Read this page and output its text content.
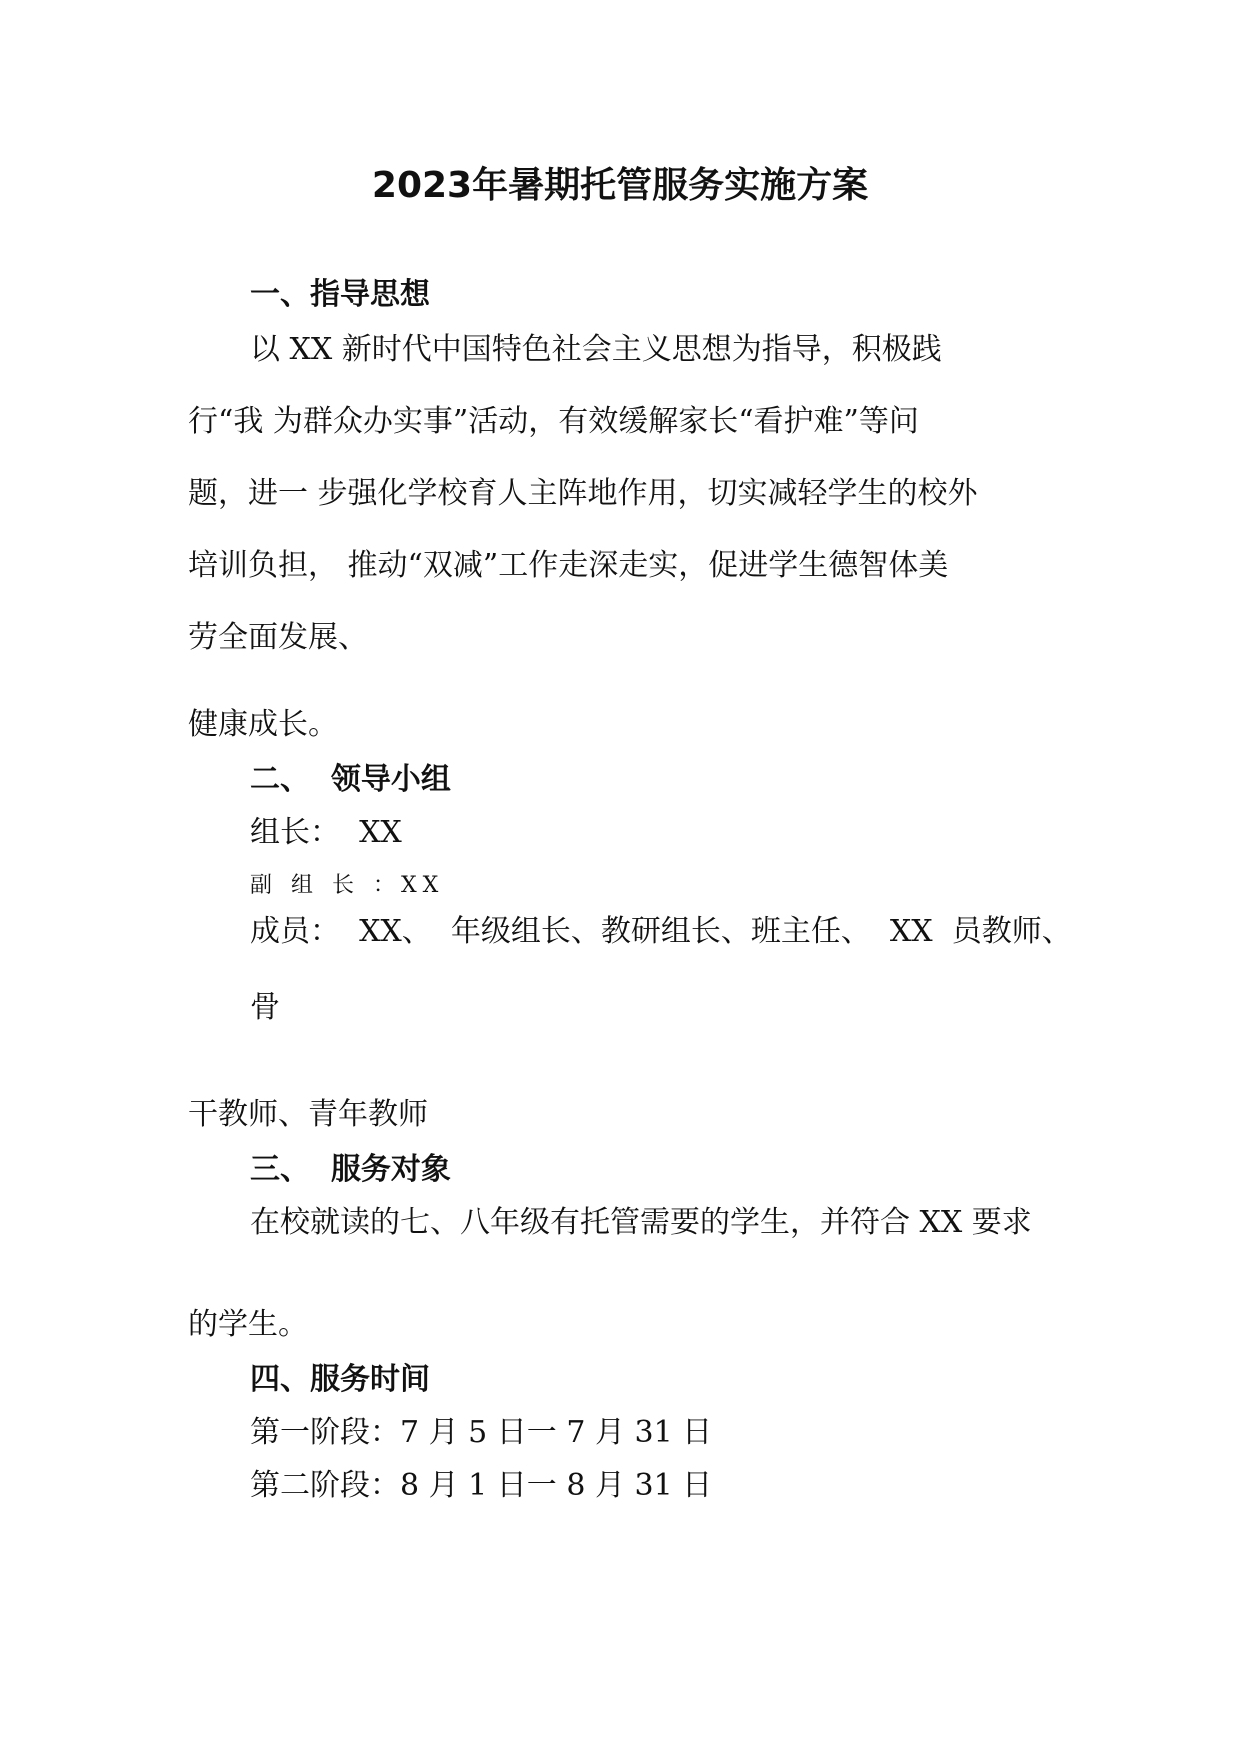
2023年暑期托管服务实施方案
一、指导思想
以 XX 新时代中国特色社会主义思想为指导，积极践
行“我 为群众办实事”活动，有效缓解家长“看护难”等问
题，进一 步强化学校育人主阵地作用，切实减轻学生的校外
培训负担， 推动“双减”工作走深走实，促进学生德智体美
劳全面发展、
健康成长。
二、  领导小组
组长：  XX
副 组 长 ：XX
成员：  XX、  年级组长、教研组长、班主任、  XX  员教师、
骨
干教师、青年教师
三、  服务对象
在校就读的七、八年级有托管需要的学生，并符合 XX 要求
的学生。
四、服务时间
第一阶段：7 月 5 日一 7 月 31 日
第二阶段：8 月 1 日一 8 月 31 日
